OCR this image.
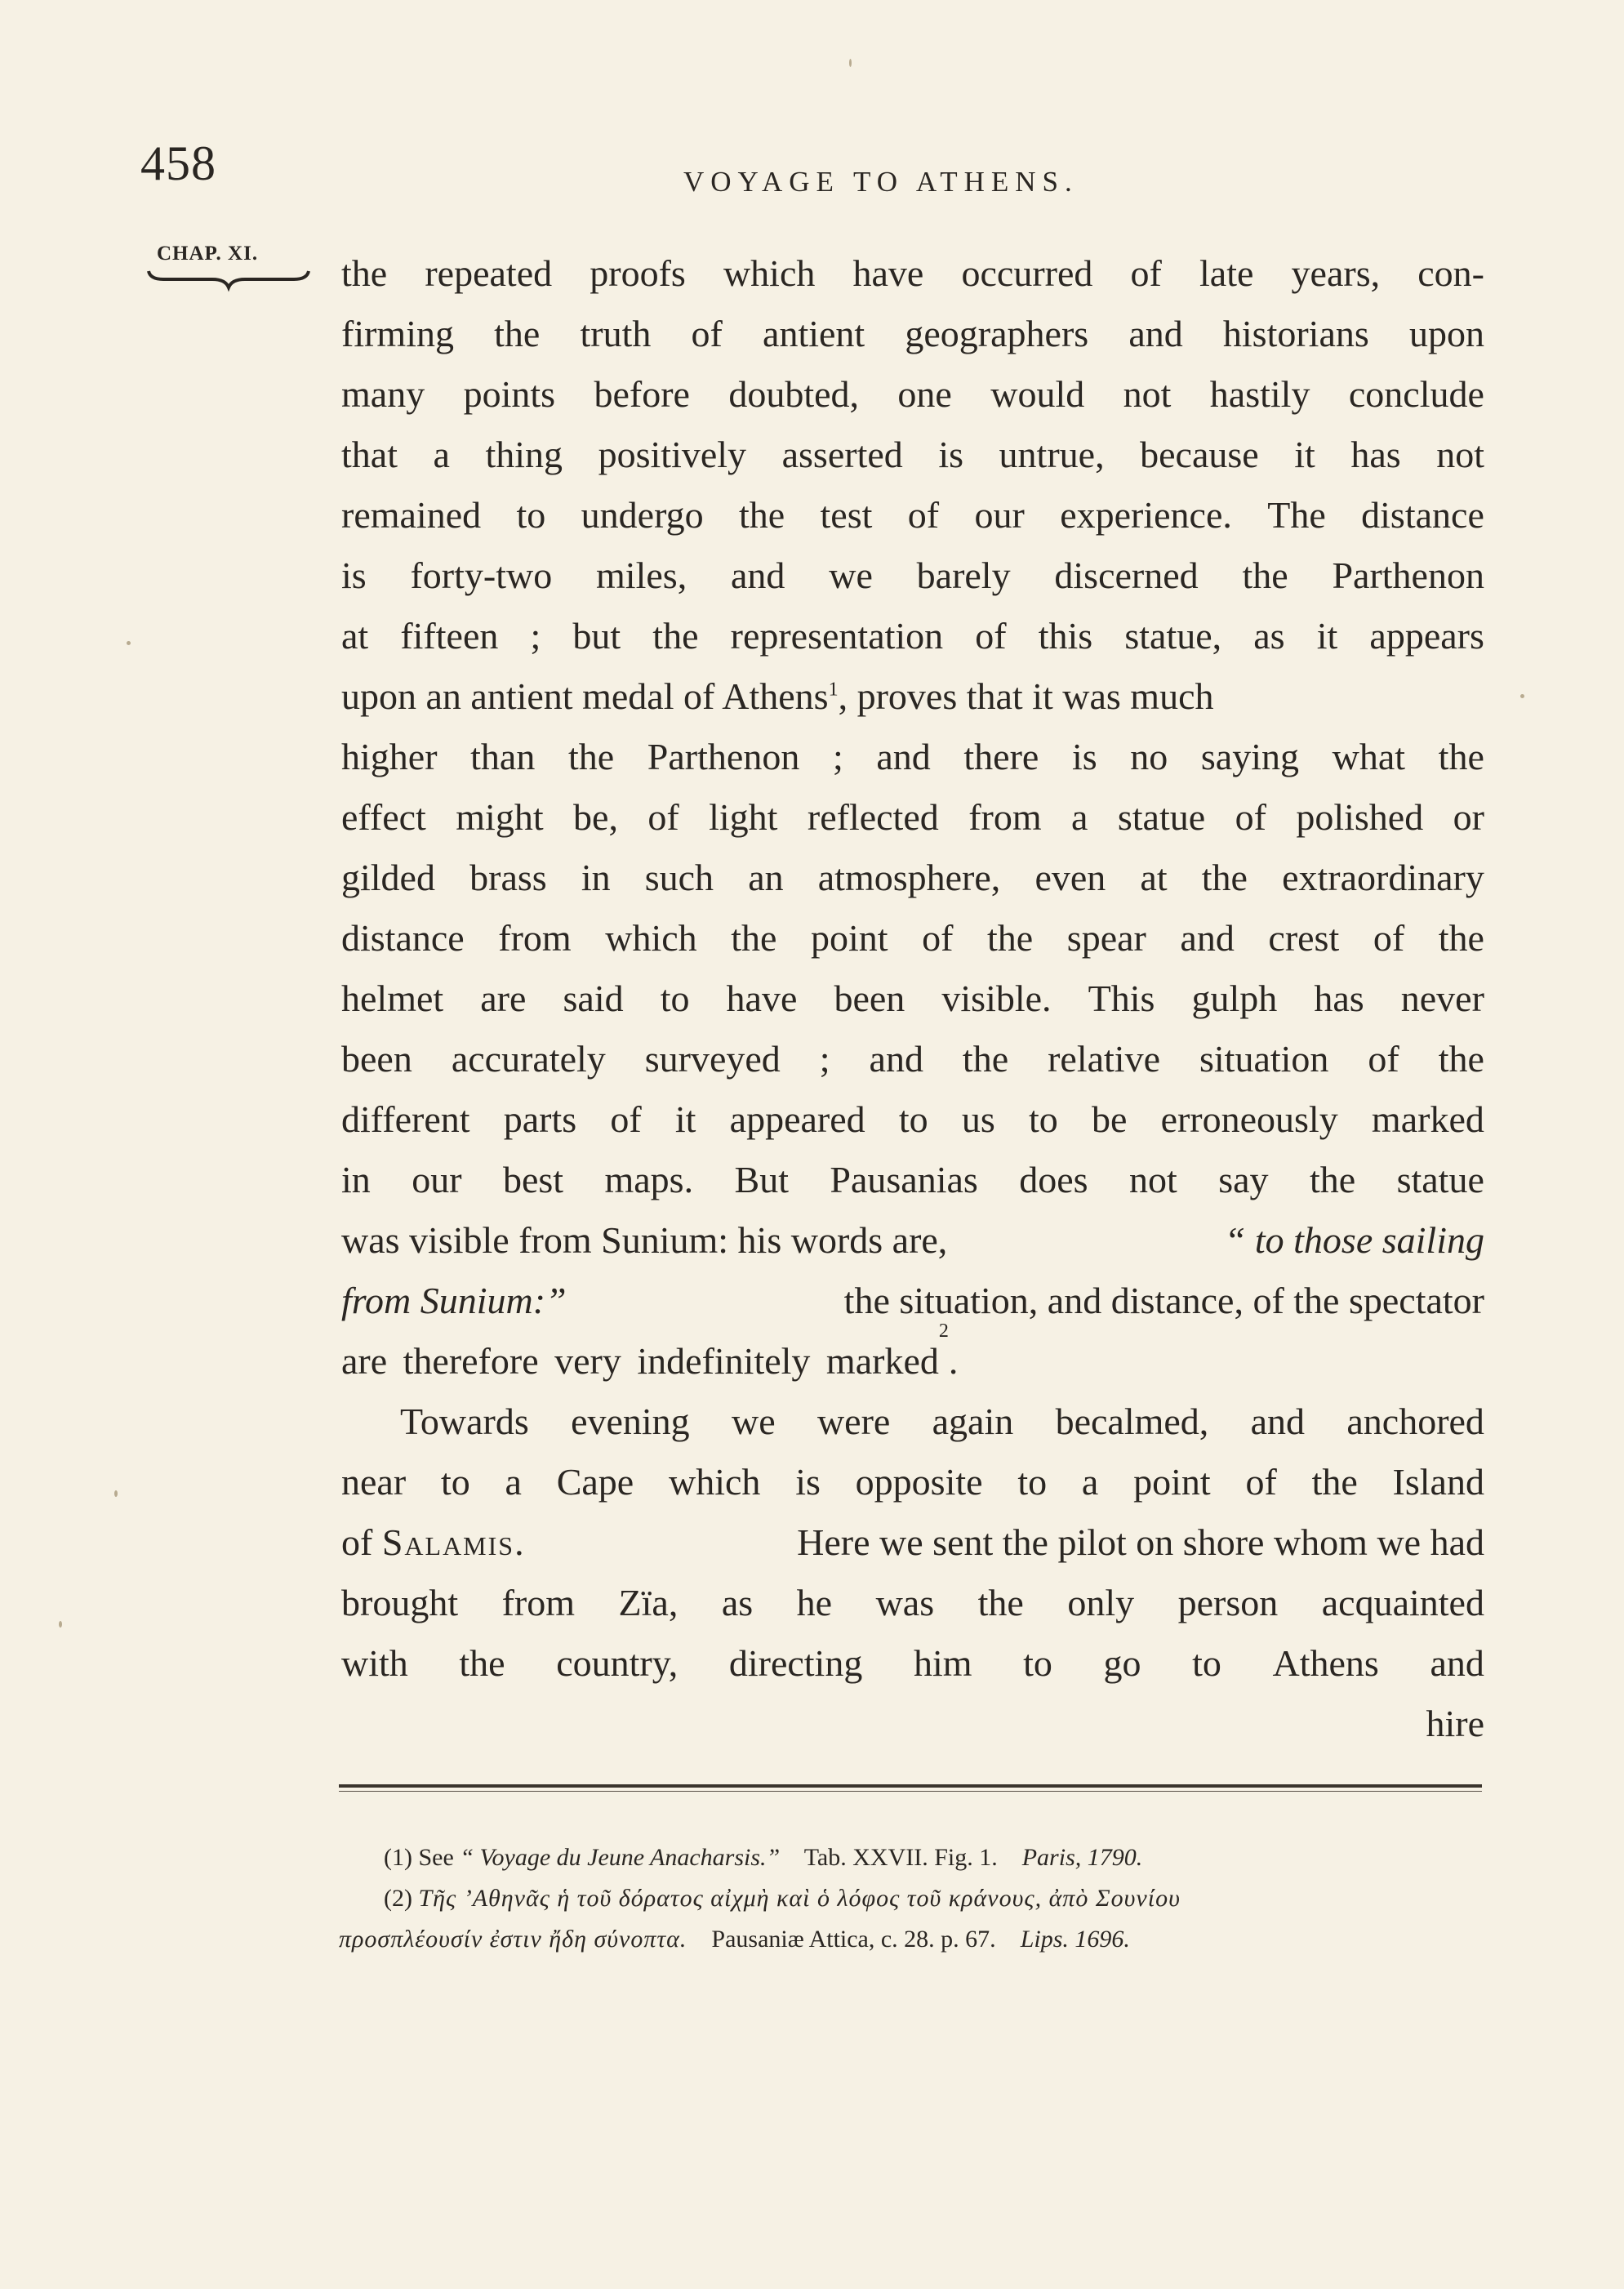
458	VOYAGE TO ATHENS.
CHAP. XI. the repeated proofs which have occurred of late years, con-
firming the truth of antient geographers and historians upon
many points before doubted, one would not hastily conclude
that a thing positively asserted is untrue, because it has not
remained to undergo the test of our experience. The distance
is forty-two miles, and we barely discerned the Parthenon
at fifteen ; but the representation of this statue, as it appears
upon an antient medal of Athens$^1$, proves that it was much
higher than the Parthenon ; and there is no saying what the
effect might be, of light reflected from a statue of polished or
gilded brass in such an atmosphere, even at the extraordinary
distance from which the point of the spear and crest of the
helmet are said to have been visible. This gulph has never
been accurately surveyed ; and the relative situation of the
different parts of it appeared to us to be erroneously marked
in our best maps. But Pausanias does not say the statue
was visible from Sunium: his words are,	“ to those sailing
from Sunium:”	the situation, and distance, of the spectator
are therefore very indefinitely marked
2
.
Towards evening we were again becalmed, and anchored
near to a Cape which is opposite to a point of the Island
of Salamis.	Here we sent the pilot on shore whom we had
brought from Zïa, as he was the only person acquainted
with the country, directing him to go to Athens and
hire
(1) See “ Voyage du Jeune Anacharsis.” Tab. XXVII. Fig. 1. Paris, 1790.
(2) Τῆς ’Αθηνᾶς ἡ τοῦ δόρατος αἰχμὴ καὶ ὁ λόφος τοῦ κράνους, ἀπὸ Σουνίου
προσπλέουσίν ἐστιν ἤδη σύνοπτα. Pausaniæ Attica, c. 28. p. 67. Lips. 1696.
